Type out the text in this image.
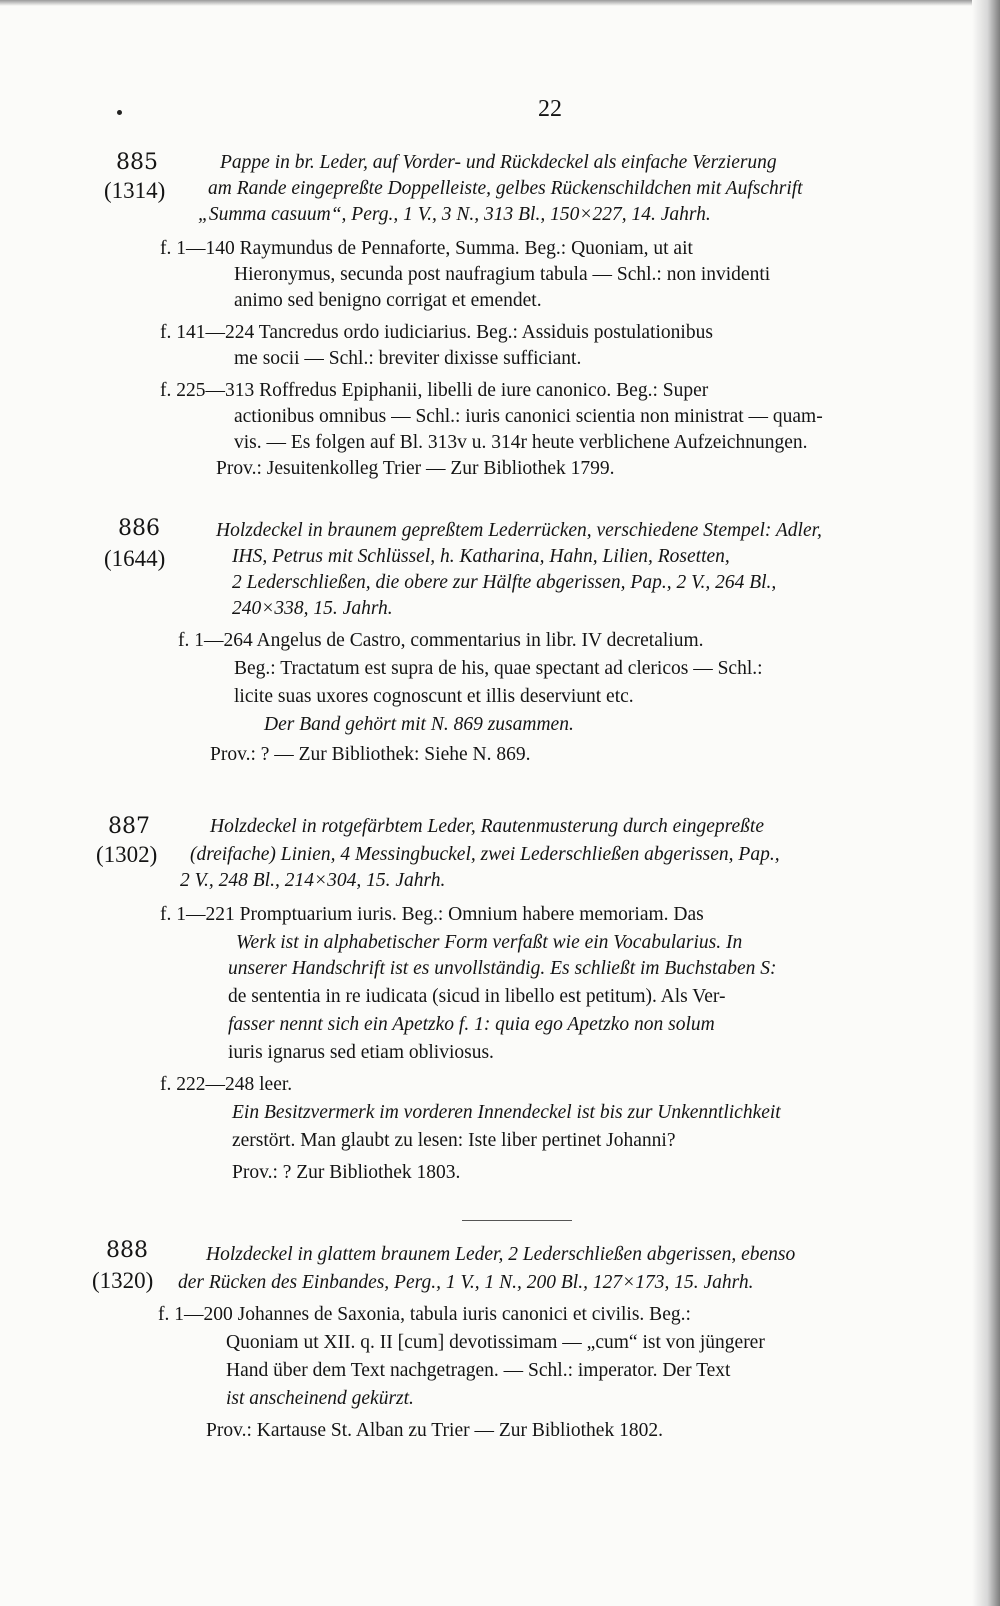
22
885
(1314)
Pappe in br. Leder, auf Vorder- und Rückdeckel als einfache Verzierung
am Rande eingepreßte Doppelleiste, gelbes Rückenschildchen mit Aufschrift
„Summa casuum“, Perg., 1 V., 3 N., 313 Bl., 150×227, 14. Jahrh.
f. 1—140 Raymundus de Pennaforte, Summa. Beg.: Quoniam, ut ait
Hieronymus, secunda post naufragium tabula — Schl.: non invidenti
animo sed benigno corrigat et emendet.
f. 141—224 Tancredus ordo iudiciarius. Beg.: Assiduis postulationibus
me socii — Schl.: breviter dixisse sufficiant.
f. 225—313 Roffredus Epiphanii, libelli de iure canonico. Beg.: Super
actionibus omnibus — Schl.: iuris canonici scientia non ministrat — quam-
vis. — Es folgen auf Bl. 313v u. 314r heute verblichene Aufzeichnungen.
Prov.: Jesuitenkolleg Trier — Zur Bibliothek 1799.
886
(1644)
Holzdeckel in braunem gepreßtem Lederrücken, verschiedene Stempel: Adler,
IHS, Petrus mit Schlüssel, h. Katharina, Hahn, Lilien, Rosetten,
2 Lederschließen, die obere zur Hälfte abgerissen, Pap., 2 V., 264 Bl.,
240×338, 15. Jahrh.
f. 1—264 Angelus de Castro, commentarius in libr. IV decretalium.
Beg.: Tractatum est supra de his, quae spectant ad clericos — Schl.:
licite suas uxores cognoscunt et illis deserviunt etc.
Der Band gehört mit N. 869 zusammen.
Prov.: ? — Zur Bibliothek: Siehe N. 869.
887
(1302)
Holzdeckel in rotgefärbtem Leder, Rautenmusterung durch eingepreßte
(dreifache) Linien, 4 Messingbuckel, zwei Lederschließen abgerissen, Pap.,
2 V., 248 Bl., 214×304, 15. Jahrh.
f. 1—221 Promptuarium iuris. Beg.: Omnium habere memoriam. Das
Werk ist in alphabetischer Form verfaßt wie ein Vocabularius. In
unserer Handschrift ist es unvollständig. Es schließt im Buchstaben S:
de sententia in re iudicata (sicud in libello est petitum). Als Ver-
fasser nennt sich ein Apetzko f. 1: quia ego Apetzko non solum
iuris ignarus sed etiam obliviosus.
f. 222—248 leer.
Ein Besitzvermerk im vorderen Innendeckel ist bis zur Unkenntlichkeit
zerstört. Man glaubt zu lesen: Iste liber pertinet Johanni?
Prov.: ? Zur Bibliothek 1803.
888
(1320)
Holzdeckel in glattem braunem Leder, 2 Lederschließen abgerissen, ebenso
der Rücken des Einbandes, Perg., 1 V., 1 N., 200 Bl., 127×173, 15. Jahrh.
f. 1—200 Johannes de Saxonia, tabula iuris canonici et civilis. Beg.:
Quoniam ut XII. q. II [cum] devotissimam — „cum“ ist von jüngerer
Hand über dem Text nachgetragen. — Schl.: imperator. Der Text
ist anscheinend gekürzt.
Prov.: Kartause St. Alban zu Trier — Zur Bibliothek 1802.
